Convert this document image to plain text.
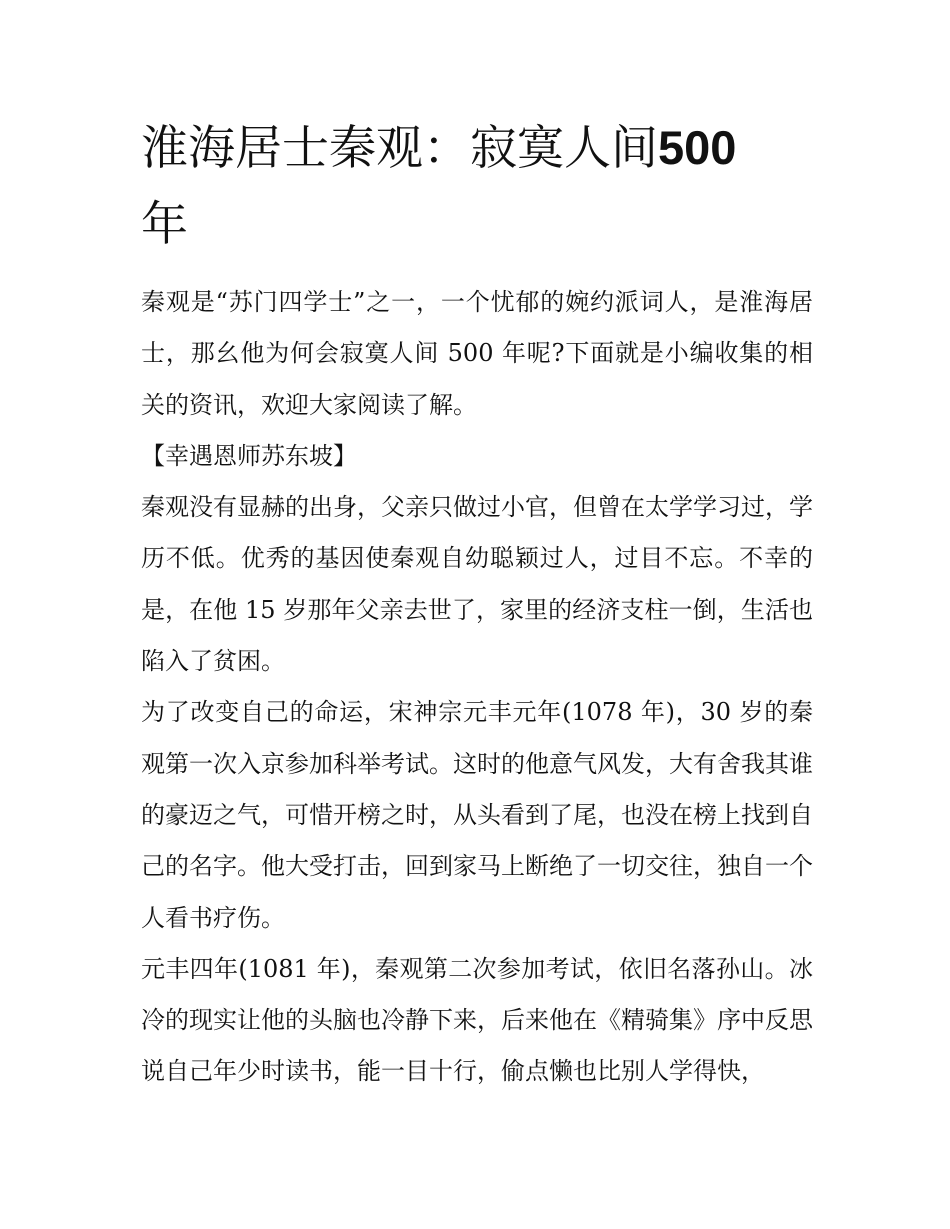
淮海居士秦观：寂寞人间500
年

秦观是“苏门四学士”之一，一个忧郁的婉约派词人，是淮海居士，那幺他为何会寂寞人间 500 年呢?下面就是小编收集的相关的资讯，欢迎大家阅读了解。

【幸遇恩师苏东坡】

秦观没有显赫的出身，父亲只做过小官，但曾在太学学习过，学历不低。优秀的基因使秦观自幼聪颖过人，过目不忘。不幸的是，在他 15 岁那年父亲去世了，家里的经济支柱一倒，生活也陷入了贫困。

为了改变自己的命运，宋神宗元丰元年(1078 年)，30 岁的秦观第一次入京参加科举考试。这时的他意气风发，大有舍我其谁的豪迈之气，可惜开榜之时，从头看到了尾，也没在榜上找到自己的名字。他大受打击，回到家马上断绝了一切交往，独自一个人看书疗伤。

元丰四年(1081 年)，秦观第二次参加考试，依旧名落孙山。冰冷的现实让他的头脑也冷静下来，后来他在《精骑集》序中反思说自己年少时读书，能一目十行，偷点懒也比别人学得快，
